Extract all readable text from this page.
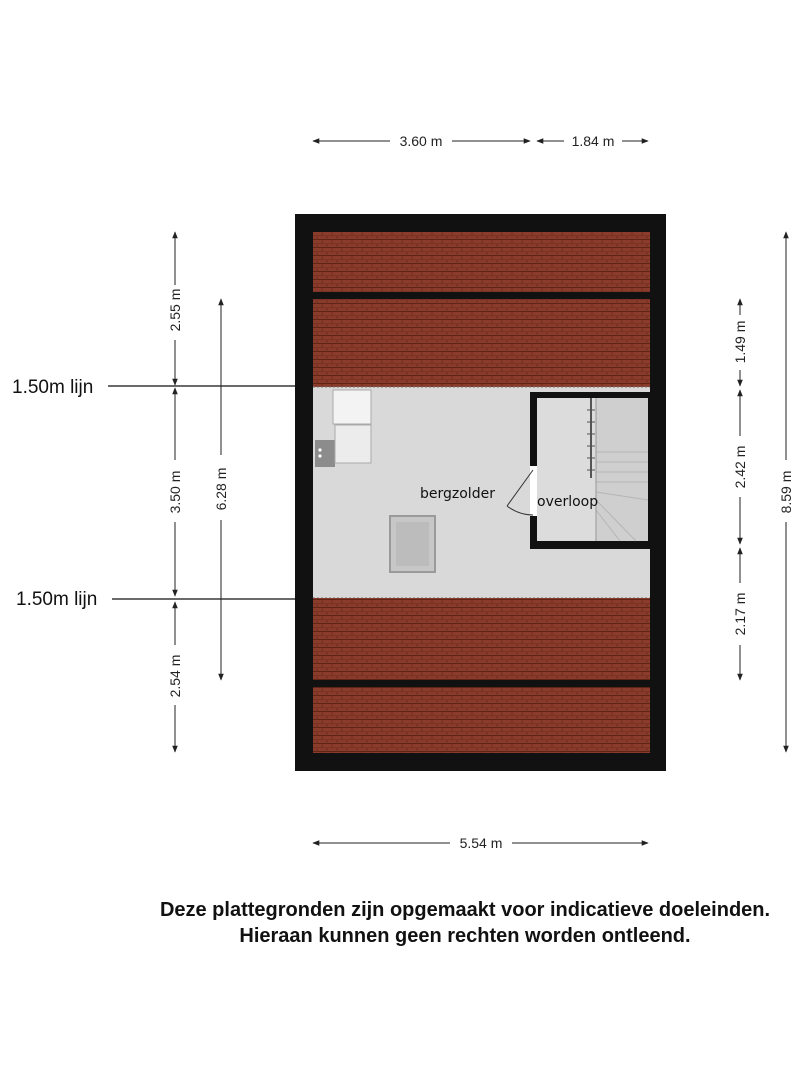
bergzolder	overloop
1.50m lijn
1.50m lijn
3.60 m	1.84 m
5.54 m
2.55 m
3.50 m
2.54 m
6.28 m
1.49 m
2.42 m
2.17 m
8.59 m
Deze plattegronden zijn opgemaakt voor indicatieve doeleinden.
Hieraan kunnen geen rechten worden ontleend.
